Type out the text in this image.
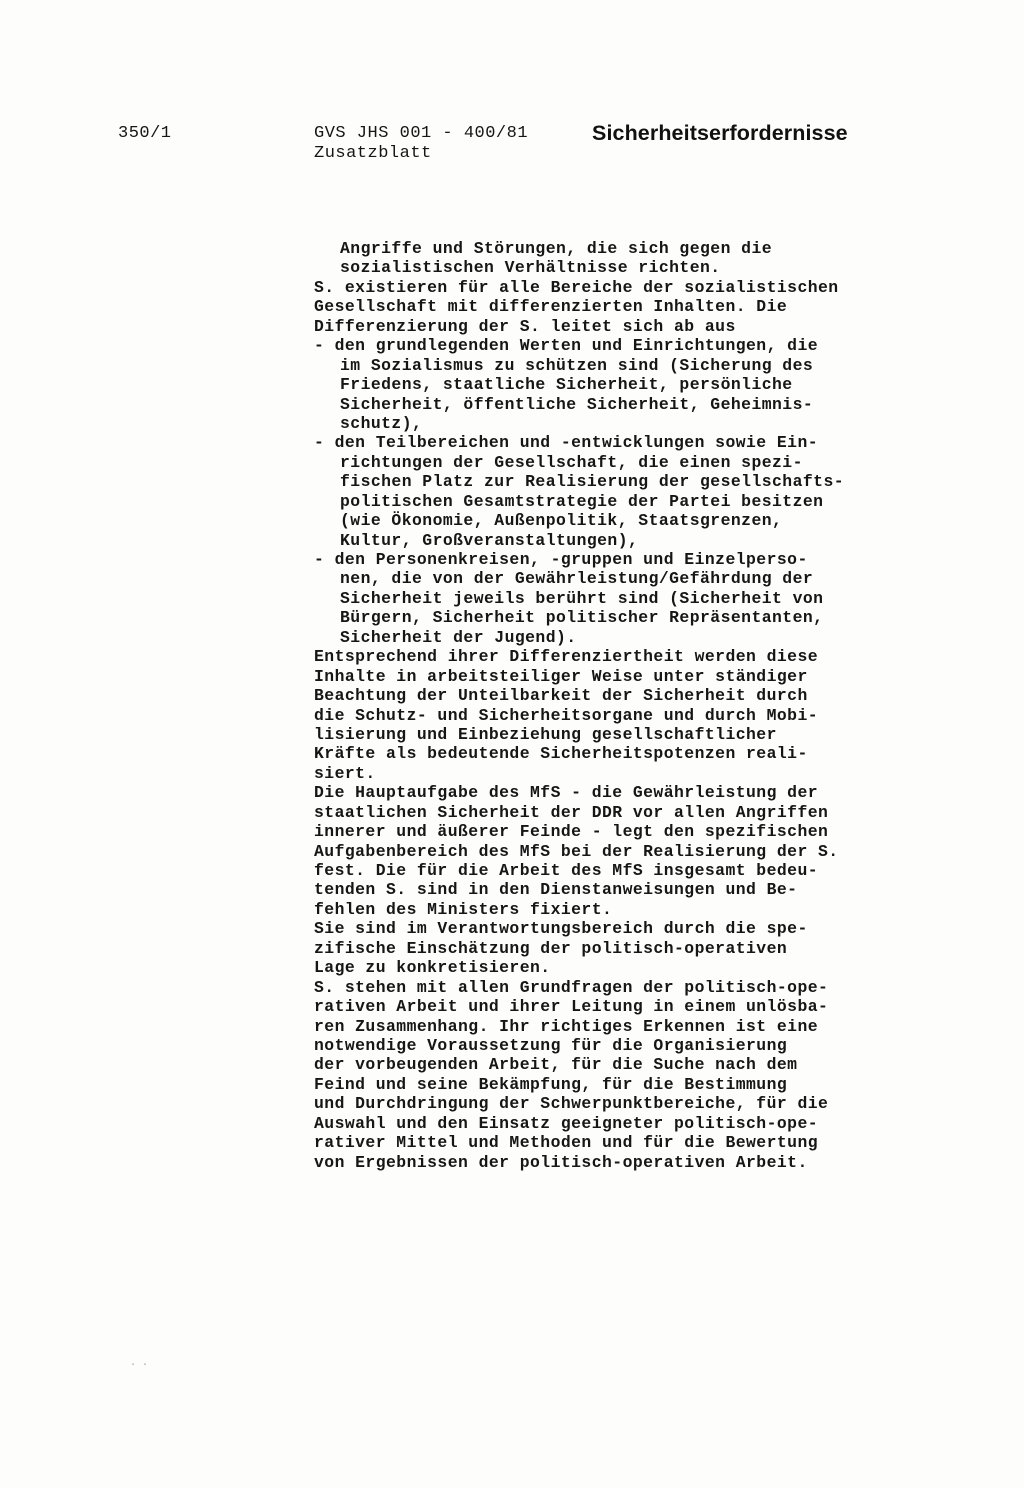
350/1	GVS JHS 001 - 400/81
Zusatzblatt
Sicherheitserfordernisse
Angriffe und Störungen, die sich gegen die
sozialistischen Verhältnisse richten.
S. existieren für alle Bereiche der sozialistischen
Gesellschaft mit differenzierten Inhalten. Die
Differenzierung der S. leitet sich ab aus
- den grundlegenden Werten und Einrichtungen, die
im Sozialismus zu schützen sind (Sicherung des
Friedens, staatliche Sicherheit, persönliche
Sicherheit, öffentliche Sicherheit, Geheimnis-
schutz),
- den Teilbereichen und -entwicklungen sowie Ein-
richtungen der Gesellschaft, die einen spezi-
fischen Platz zur Realisierung der gesellschafts-
politischen Gesamtstrategie der Partei besitzen
(wie Ökonomie, Außenpolitik, Staatsgrenzen,
Kultur, Großveranstaltungen),
- den Personenkreisen, -gruppen und Einzelperso-
nen, die von der Gewährleistung/Gefährdung der
Sicherheit jeweils berührt sind (Sicherheit von
Bürgern, Sicherheit politischer Repräsentanten,
Sicherheit der Jugend).
Entsprechend ihrer Differenziertheit werden diese
Inhalte in arbeitsteiliger Weise unter ständiger
Beachtung der Unteilbarkeit der Sicherheit durch
die Schutz- und Sicherheitsorgane und durch Mobi-
lisierung und Einbeziehung gesellschaftlicher
Kräfte als bedeutende Sicherheitspotenzen reali-
siert.
Die Hauptaufgabe des MfS - die Gewährleistung der
staatlichen Sicherheit der DDR vor allen Angriffen
innerer und äußerer Feinde - legt den spezifischen
Aufgabenbereich des MfS bei der Realisierung der S.
fest. Die für die Arbeit des MfS insgesamt bedeu-
tenden S. sind in den Dienstanweisungen und Be-
fehlen des Ministers fixiert.
Sie sind im Verantwortungsbereich durch die spe-
zifische Einschätzung der politisch-operativen
Lage zu konkretisieren.
S. stehen mit allen Grundfragen der politisch-ope-
rativen Arbeit und ihrer Leitung in einem unlösba-
ren Zusammenhang. Ihr richtiges Erkennen ist eine
notwendige Voraussetzung für die Organisierung
der vorbeugenden Arbeit, für die Suche nach dem
Feind und seine Bekämpfung, für die Bestimmung
und Durchdringung der Schwerpunktbereiche, für die
Auswahl und den Einsatz geeigneter politisch-ope-
rativer Mittel und Methoden und für die Bewertung
von Ergebnissen der politisch-operativen Arbeit.
. .
